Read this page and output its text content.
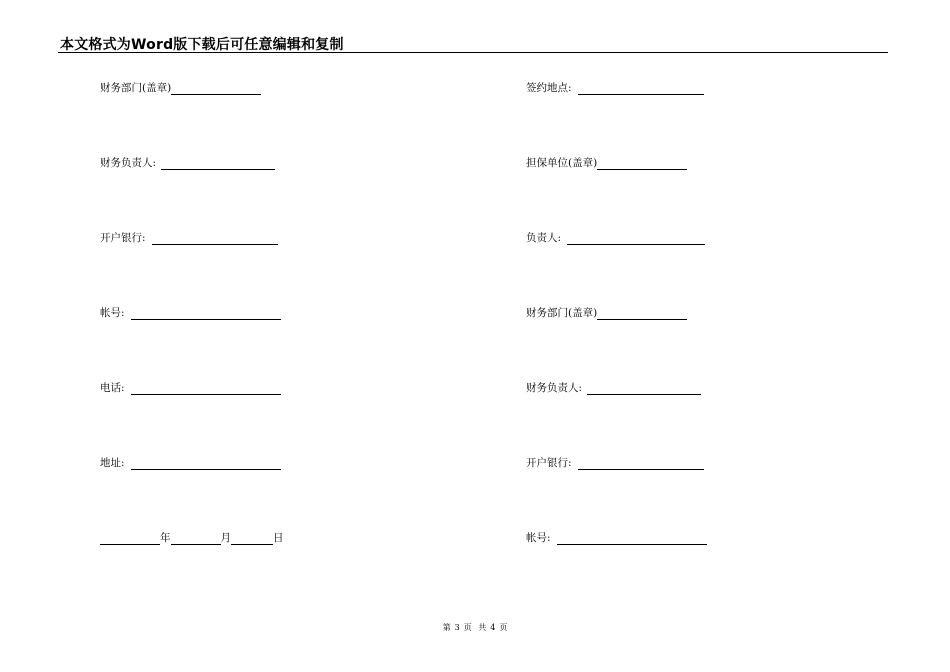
本文格式为Word版下载后可任意编辑和复制
财务部门(盖章)
财务负责人:
开户银行:
帐号:
电话:
地址:
年	月	日
签约地点:
担保单位(盖章)
负责人:
财务部门(盖章)
财务负责人:
开户银行:
帐号:
第 3 页 共 4 页
